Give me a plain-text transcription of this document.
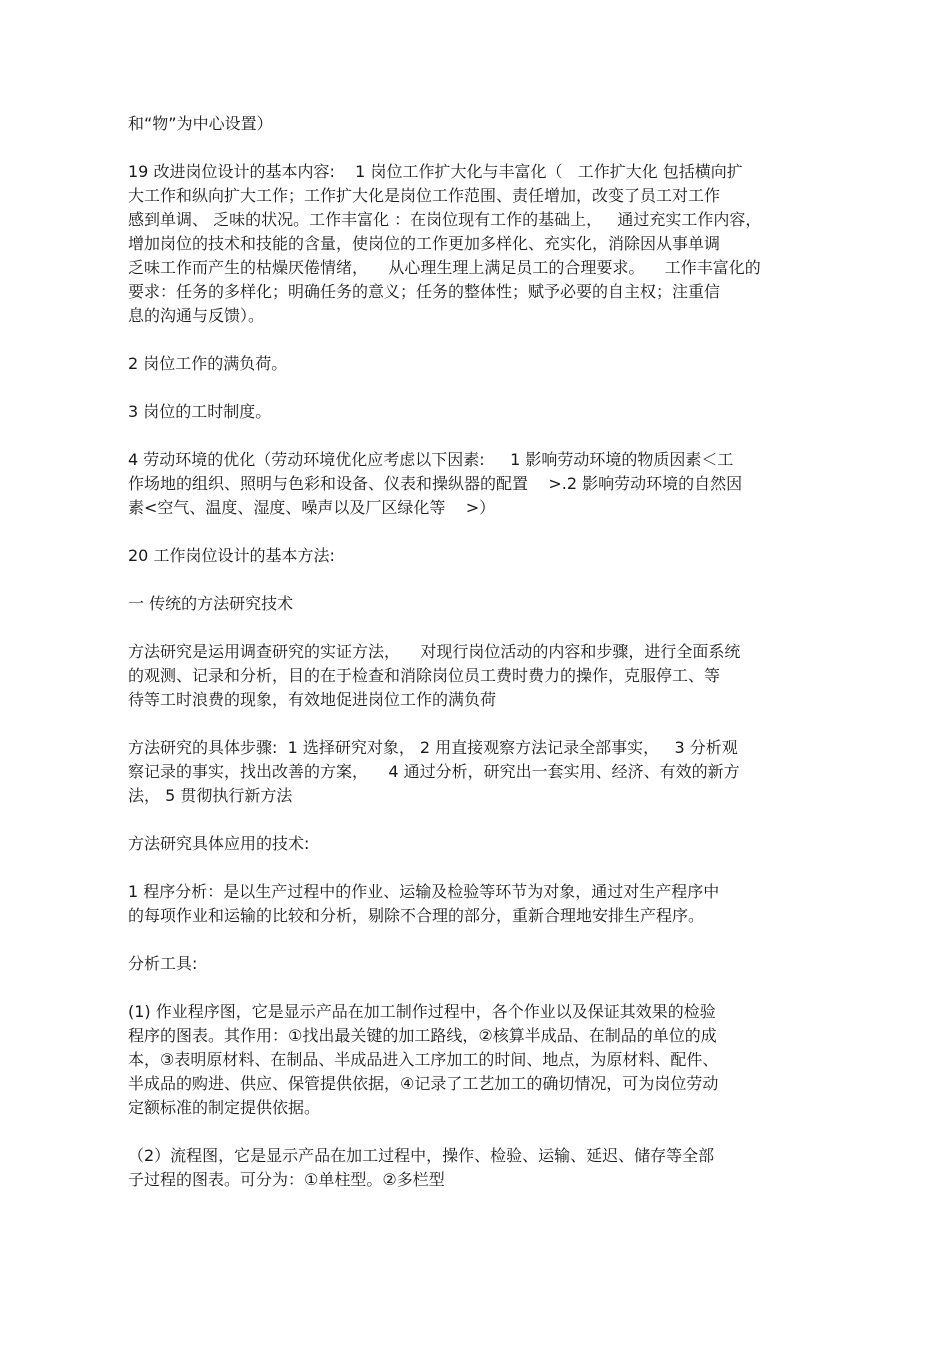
和“物”为中心设置）
19 改进岗位设计的基本内容:    1 岗位工作扩大化与丰富化（   工作扩大化 包括横向扩
大工作和纵向扩大工作；工作扩大化是岗位工作范围、责任增加，改变了员工对工作
感到单调、 乏味的状况。工作丰富化 ：在岗位现有工作的基础上，   通过充实工作内容，
增加岗位的技术和技能的含量，使岗位的工作更加多样化、充实化，消除因从事单调
乏味工作而产生的枯燥厌倦情绪，    从心理生理上满足员工的合理要求。    工作丰富化的
要求：任务的多样化；明确任务的意义；任务的整体性；赋予必要的自主权；注重信
息的沟通与反馈）。
2 岗位工作的满负荷。
3 岗位的工时制度。
4 劳动环境的优化（劳动环境优化应考虑以下因素:     1 影响劳动环境的物质因素＜工
作场地的组织、照明与色彩和设备、仪表和操纵器的配置    >.2 影响劳动环境的自然因
素<空气、温度、湿度、噪声以及厂区绿化等    >）
20 工作岗位设计的基本方法:
一 传统的方法研究技术
方法研究是运用调查研究的实证方法，    对现行岗位活动的内容和步骤，进行全面系统
的观测、记录和分析，目的在于检查和消除岗位员工费时费力的操作，克服停工、等
待等工时浪费的现象，有效地促进岗位工作的满负荷
方法研究的具体步骤:  1 选择研究对象， 2 用直接观察方法记录全部事实，   3 分析观
察记录的事实，找出改善的方案，    4 通过分析，研究出一套实用、经济、有效的新方
法， 5 贯彻执行新方法
方法研究具体应用的技术:
1 程序分析：是以生产过程中的作业、运输及检验等环节为对象，通过对生产程序中
的每项作业和运输的比较和分析，剔除不合理的部分，重新合理地安排生产程序。
分析工具:
(1) 作业程序图，它是显示产品在加工制作过程中，各个作业以及保证其效果的检验
程序的图表。其作用：①找出最关键的加工路线，②核算半成品、在制品的单位的成
本，③表明原材料、在制品、半成品进入工序加工的时间、地点，为原材料、配件、
半成品的购进、供应、保管提供依据，④记录了工艺加工的确切情况，可为岗位劳动
定额标准的制定提供依据。
（2）流程图，它是显示产品在加工过程中，操作、检验、运输、延迟、储存等全部
子过程的图表。可分为：①单柱型。②多栏型
